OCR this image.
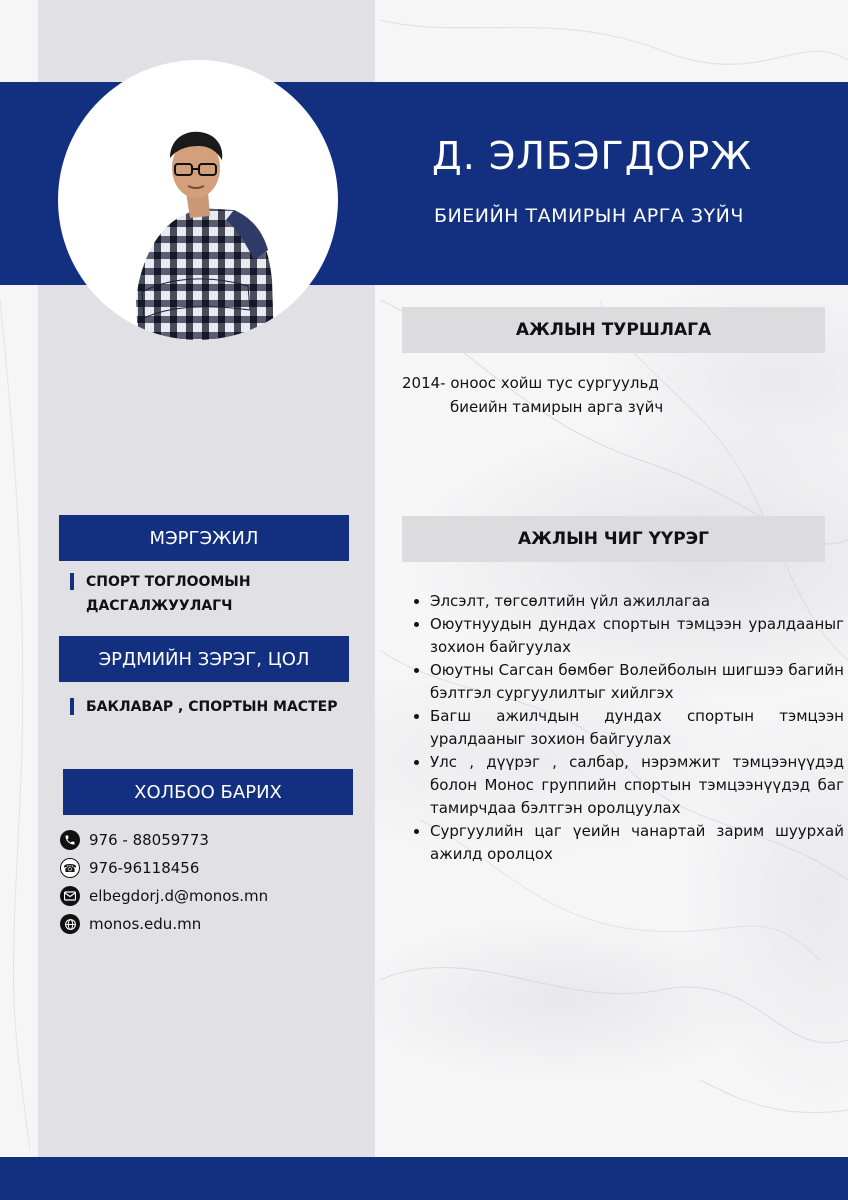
Д. ЭЛБЭГДОРЖ
БИЕИЙН ТАМИРЫН АРГА ЗҮЙЧ
АЖЛЫН ТУРШЛАГА
2014- оноос хойш тус сургуульд
биеийн тамирын арга зүйч
АЖЛЫН ЧИГ ҮҮРЭГ
• Элсэлт, төгсөлтийн үйл ажиллагаа
• Оюутнуудын дундах спортын тэмцээн уралдааныг зохион байгуулах
• Оюутны Сагсан бөмбөг Волейболын шигшээ багийн бэлтгэл сургуулилтыг хийлгэх
• Багш ажилчдын дундах спортын тэмцээн уралдааныг зохион байгуулах
• Улс , дүүрэг , салбар, нэрэмжит тэмцээнүүдэд болон Монос группийн спортын тэмцээнүүдэд баг тамирчдаа бэлтгэн оролцуулах
• Сургуулийн цаг үеийн чанартай зарим шуурхай ажилд оролцох
МЭРГЭЖИЛ
СПОРТ ТОГЛООМЫН
ДАСГАЛЖУУЛАГЧ
ЭРДМИЙН ЗЭРЭГ, ЦОЛ
БАКЛАВАР , СПОРТЫН МАСТЕР
ХОЛБОО БАРИХ
976 - 88059773
☎ 976-96118456
elbegdorj.d@monos.mn
monos.edu.mn
